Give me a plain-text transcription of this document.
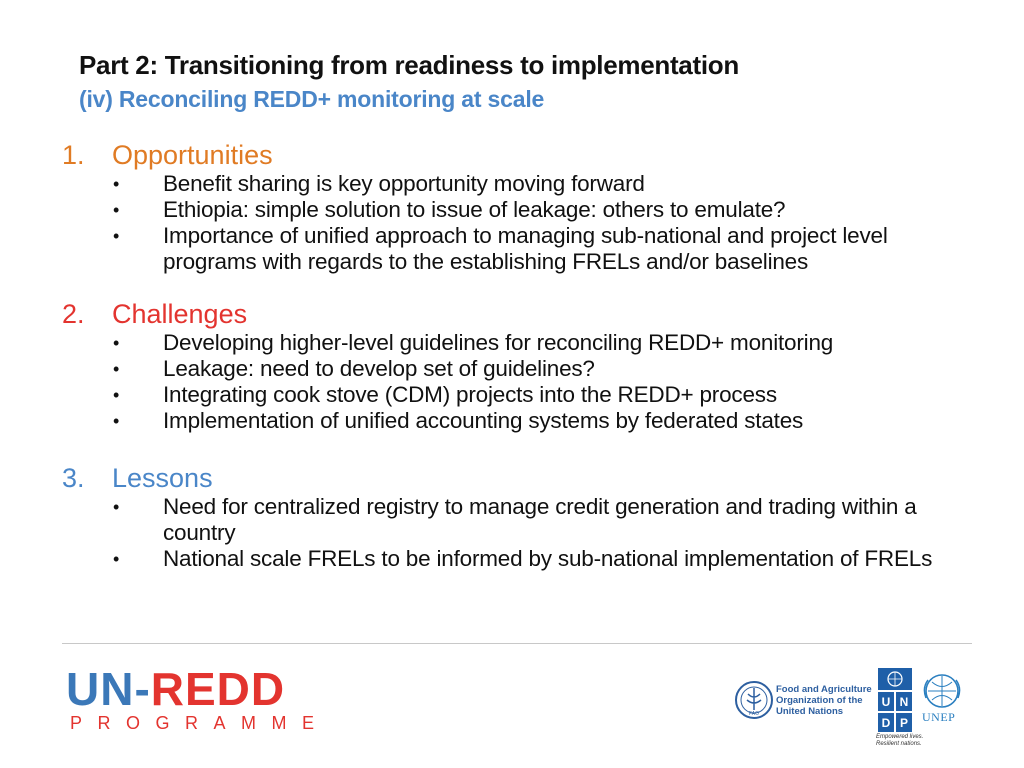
Part 2: Transitioning from readiness to implementation
(iv) Reconciling REDD+ monitoring at scale
1.	Opportunities
• Benefit sharing is key opportunity moving forward
• Ethiopia: simple solution to issue of leakage: others to emulate?
• Importance of unified approach to managing sub-national and project level programs with regards to the establishing FRELs and/or baselines
2.	Challenges
• Developing higher-level guidelines for reconciling REDD+ monitoring
• Leakage: need to develop set of guidelines?
• Integrating cook stove (CDM) projects into the REDD+ process
• Implementation of unified accounting systems by federated states
3.	Lessons
• Need for centralized registry to manage credit generation and trading within a country
• National scale FRELs to be informed by sub-national implementation of FRELs
UN-REDD
PROGRAMME	FAO
Food and Agriculture Organization of the United Nations
U N
D P
Empowered lives. Resilient nations.
UNEP
